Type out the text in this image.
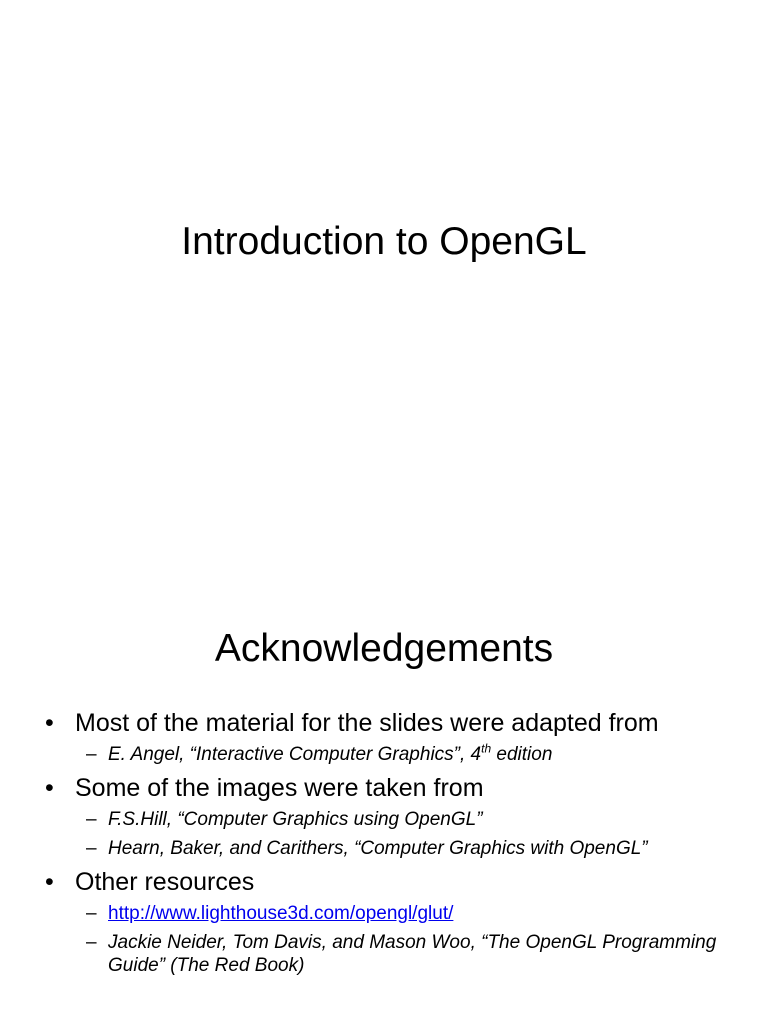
Introduction to OpenGL
Acknowledgements

• Most of the material for the slides were adapted from

– E. Angel, “Interactive Computer Graphics”, 4th edition

• Some of the images were taken from

– F.S.Hill, “Computer Graphics using OpenGL”

– Hearn, Baker, and Carithers, “Computer Graphics with OpenGL”

• Other resources

– http://www.lighthouse3d.com/opengl/glut/

– Jackie Neider, Tom Davis, and Mason Woo, “The OpenGL Programming Guide” (The Red Book)
